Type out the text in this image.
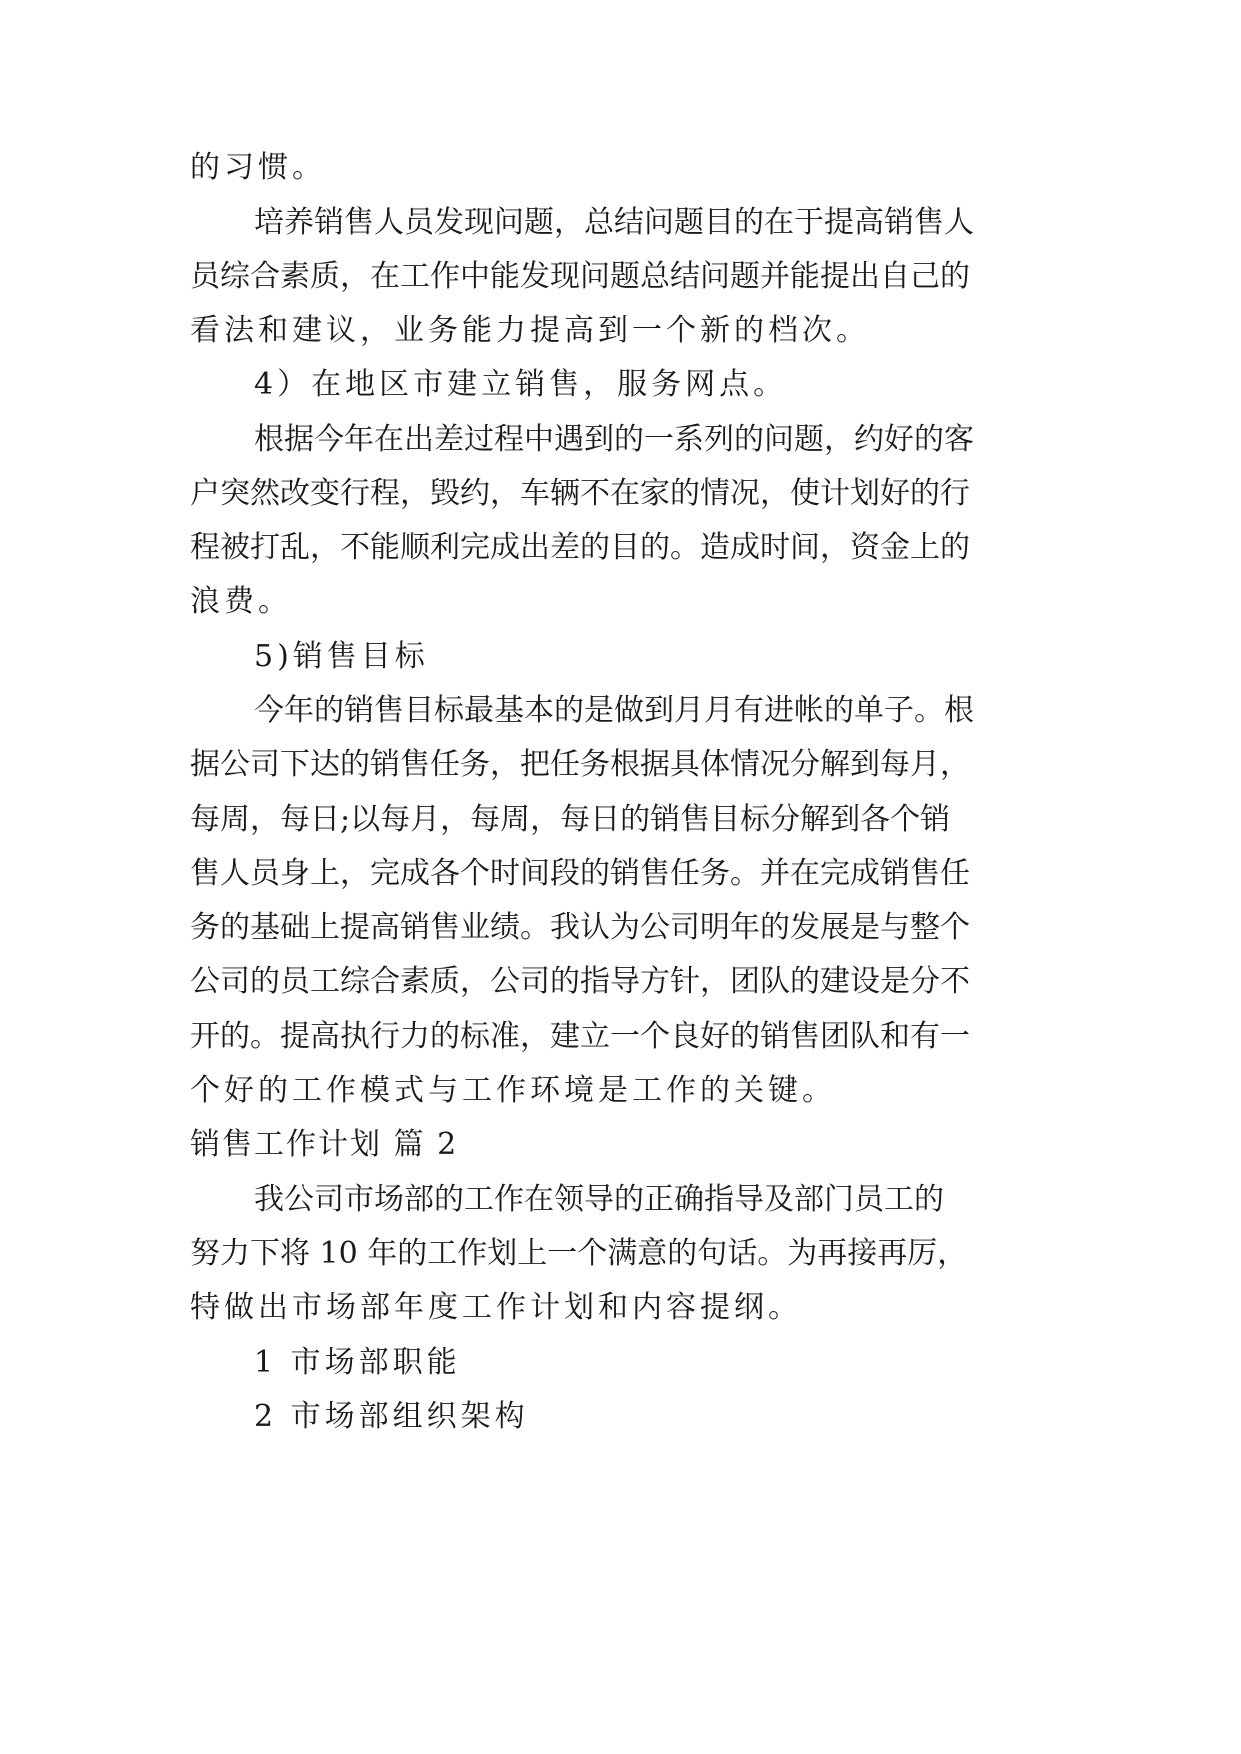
的习惯。
培养销售人员发现问题，总结问题目的在于提高销售人
员综合素质，在工作中能发现问题总结问题并能提出自己的
看法和建议，业务能力提高到一个新的档次。
4）在地区市建立销售，服务网点。
根据今年在出差过程中遇到的一系列的问题，约好的客
户突然改变行程，毁约，车辆不在家的情况，使计划好的行
程被打乱，不能顺利完成出差的目的。造成时间，资金上的
浪费。
5)销售目标
今年的销售目标最基本的是做到月月有进帐的单子。根
据公司下达的销售任务，把任务根据具体情况分解到每月，
每周，每日;以每月，每周，每日的销售目标分解到各个销
售人员身上，完成各个时间段的销售任务。并在完成销售任
务的基础上提高销售业绩。我认为公司明年的发展是与整个
公司的员工综合素质，公司的指导方针，团队的建设是分不
开的。提高执行力的标准，建立一个良好的销售团队和有一
个好的工作模式与工作环境是工作的关键。
销售工作计划 篇 2
我公司市场部的工作在领导的正确指导及部门员工的
努力下将 10 年的工作划上一个满意的句话。为再接再厉，
特做出市场部年度工作计划和内容提纲。
1 市场部职能
2 市场部组织架构
